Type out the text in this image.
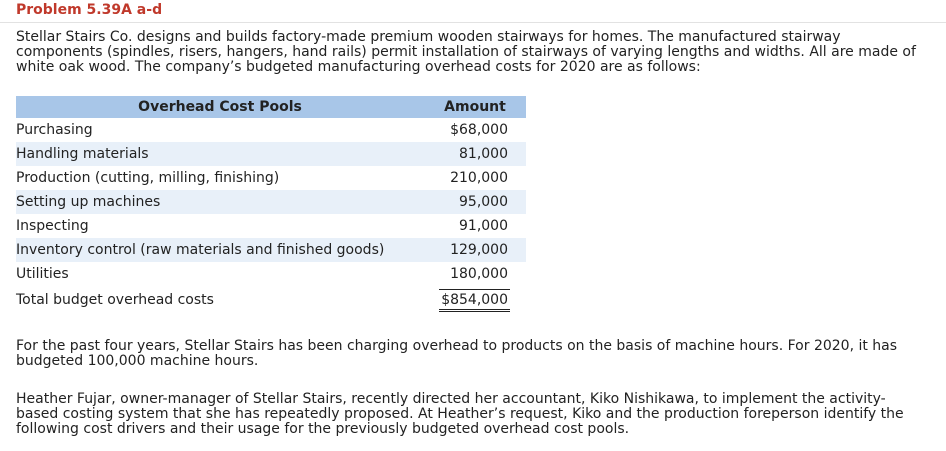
Problem 5.39A a-d

Stellar Stairs Co. designs and builds factory-made premium wooden stairways for homes. The manufactured stairway components (spindles, risers, hangers, hand rails) permit installation of stairways of varying lengths and widths. All are made of white oak wood. The company’s budgeted manufacturing overhead costs for 2020 are as follows:

Overhead Cost Pools	Amount
Purchasing	$68,000
Handling materials	81,000
Production (cutting, milling, finishing)	210,000
Setting up machines	95,000
Inspecting	91,000
Inventory control (raw materials and finished goods)	129,000
Utilities	180,000
Total budget overhead costs	$854,000

For the past four years, Stellar Stairs has been charging overhead to products on the basis of machine hours. For 2020, it has budgeted 100,000 machine hours.

Heather Fujar, owner-manager of Stellar Stairs, recently directed her accountant, Kiko Nishikawa, to implement the activity-based costing system that she has repeatedly proposed. At Heather’s request, Kiko and the production foreperson identify the following cost drivers and their usage for the previously budgeted overhead cost pools.
